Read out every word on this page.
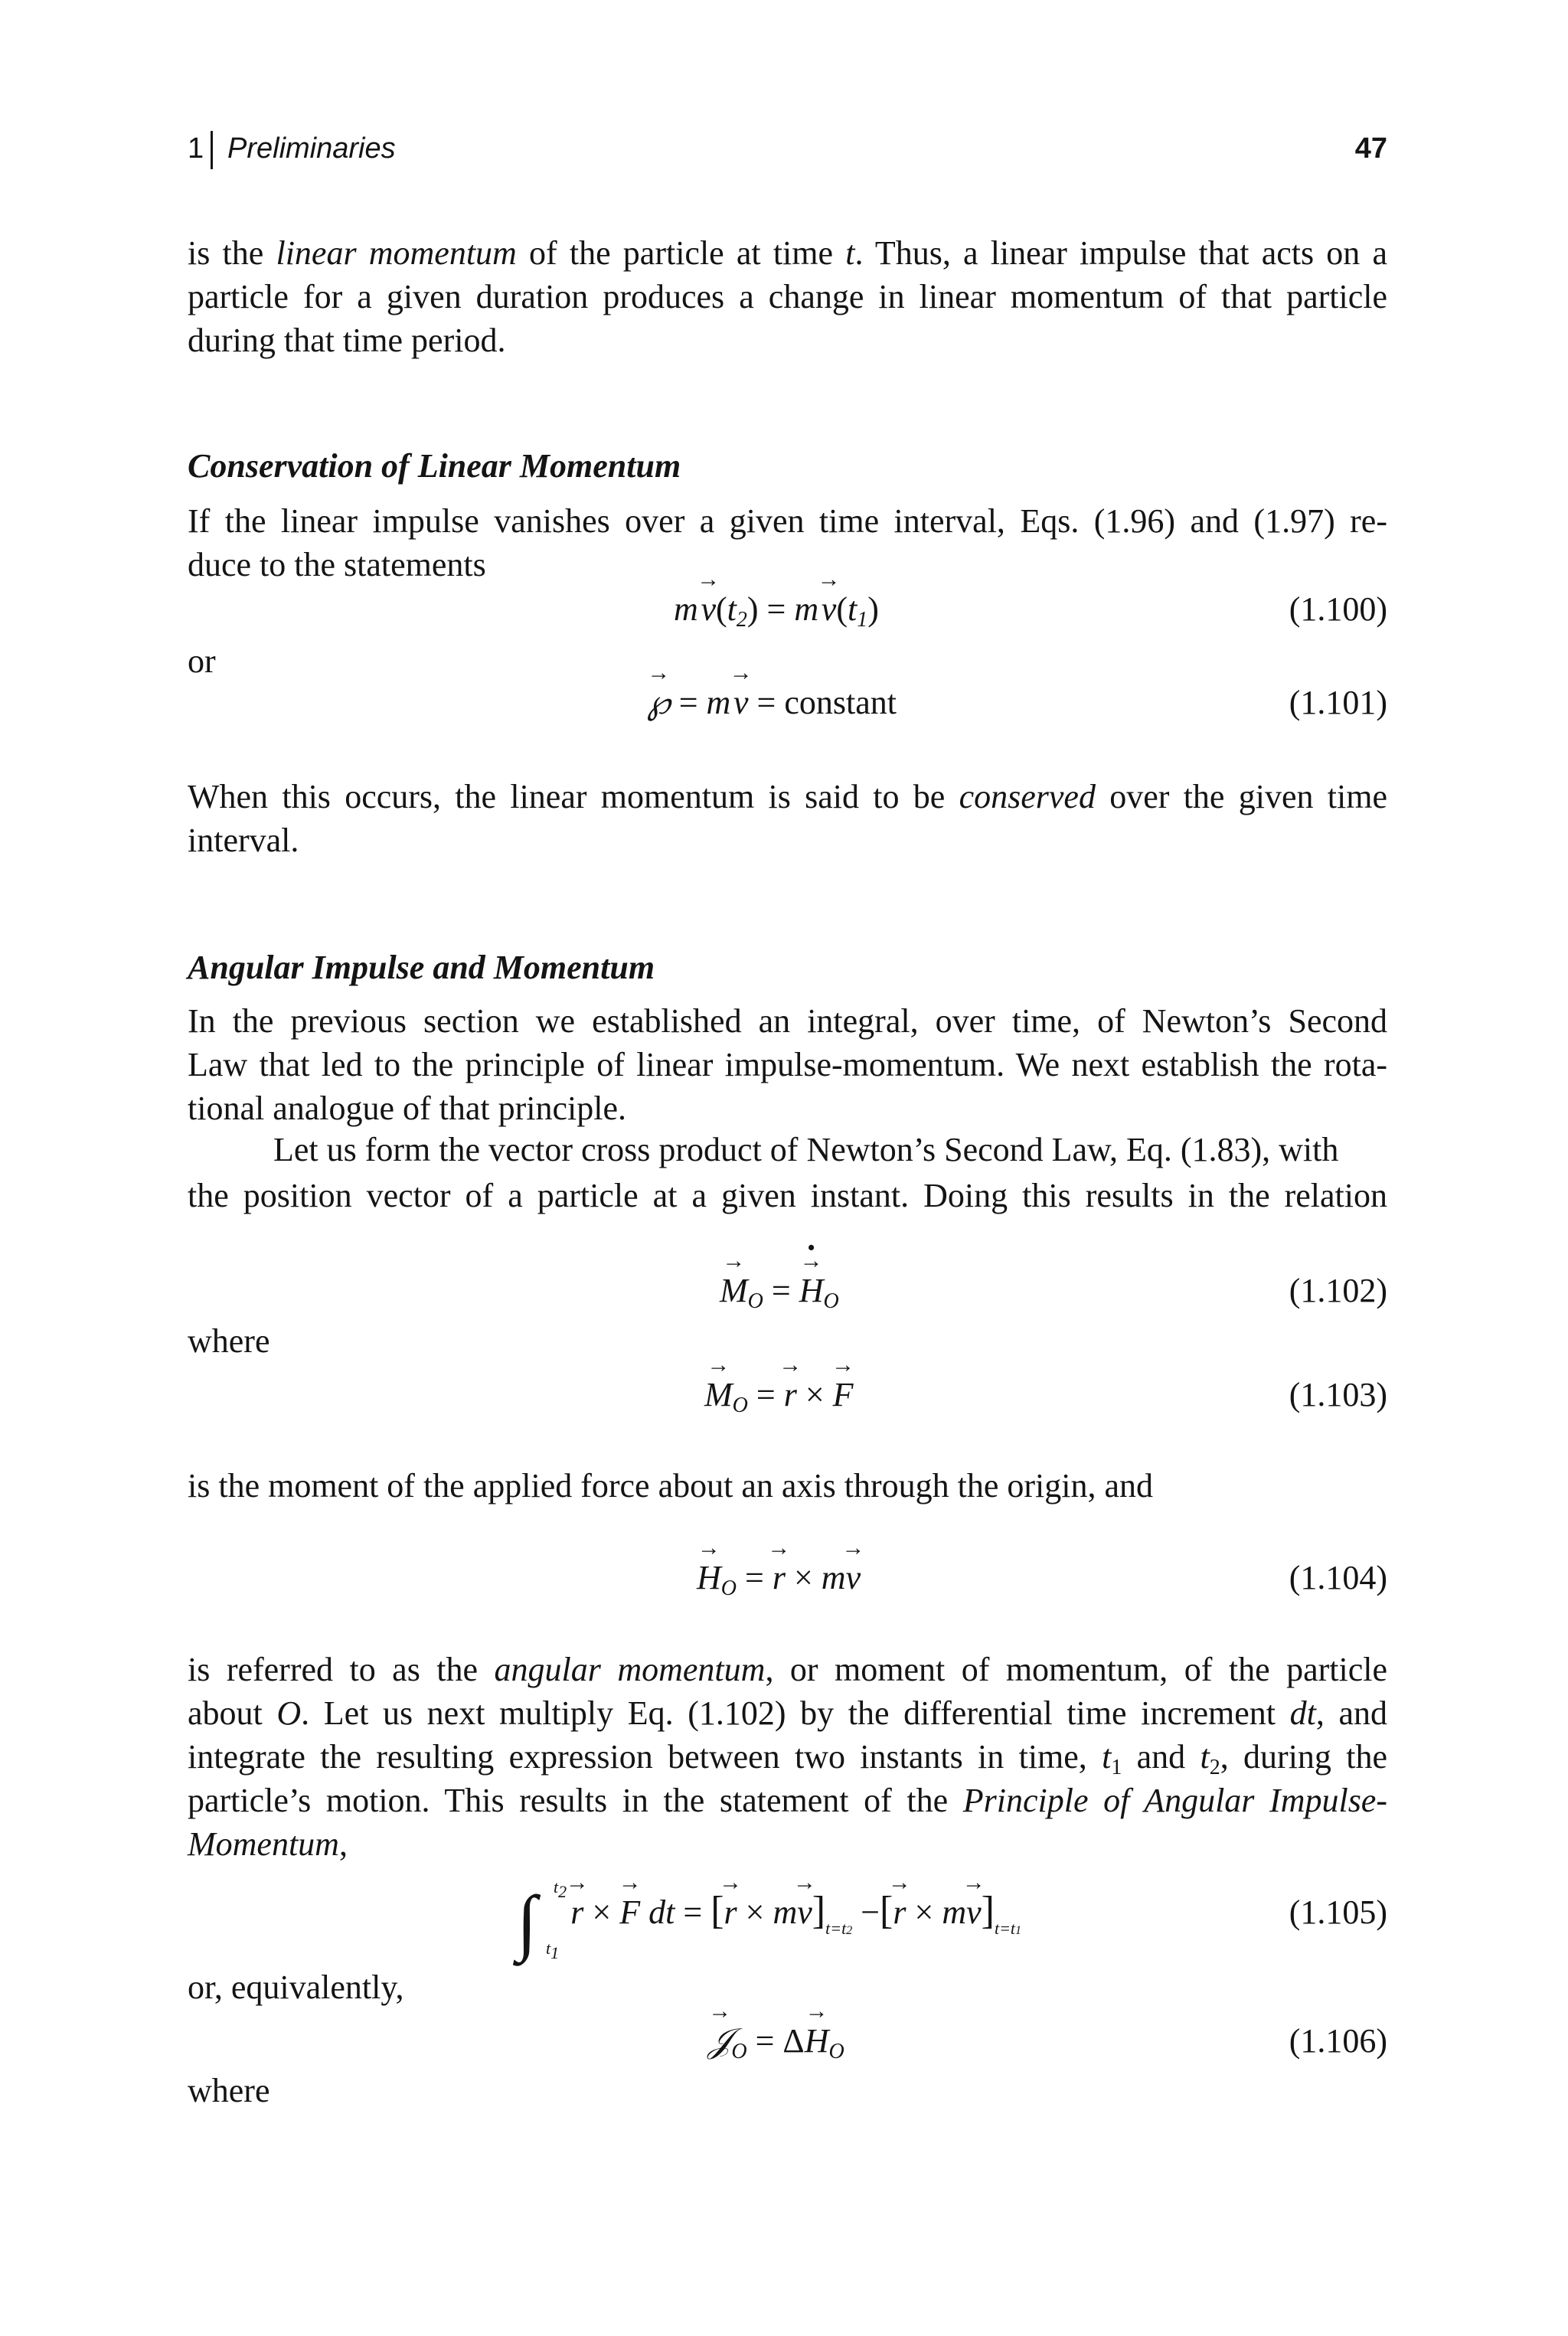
1 Preliminaries	47
is the linear momentum of the particle at time t. Thus, a linear impulse that acts on a
particle for a given duration produces a change in linear momentum of that particle
during that time period.
Conservation of Linear Momentum
If the linear impulse vanishes over a given time interval, Eqs. (1.96) and (1.97) re-
duce to the statements
m → $v(t_2) = m$ → $v(t_1)$	(1.100)
or
→ ℘ = m → v = constant	(1.101)
When this occurs, the linear momentum is said to be conserved over the given time
interval.
Angular Impulse and Momentum
In the previous section we established an integral, over time, of Newton’s Second
Law that led to the principle of linear impulse-momentum. We next establish the rota-
tional analogue of that principle.
Let us form the vector cross product of Newton’s Second Law, Eq. (1.83), with
the position vector of a particle at a given instant. Doing this results in the relation
→ $M_O$ = → $H \cdot_O$	(1.102)
where
→ $M_O$ = → r × → F	(1.103)
is the moment of the applied force about an axis through the origin, and
→ $H_O$ = → r × m→ v	(1.104)
is referred to as the angular momentum, or moment of momentum, of the particle
about O. Let us next multiply Eq. (1.102) by the differential time increment dt, and
integrate the resulting expression between two instants in time, $t_1$ and $t_2$, during the
particle’s motion. This results in the statement of the Principle of Angular Impulse-
Momentum,
∫ t2
t1
 → r × → F dt = [→ $r \times m\to v]_{t=t2}$ −[→ $r \times m\to v]_{t=t1}$	(1.105)
or, equivalently,
→ 𝒥$_O$ = $\Delta\to H_O$	(1.106)
where
